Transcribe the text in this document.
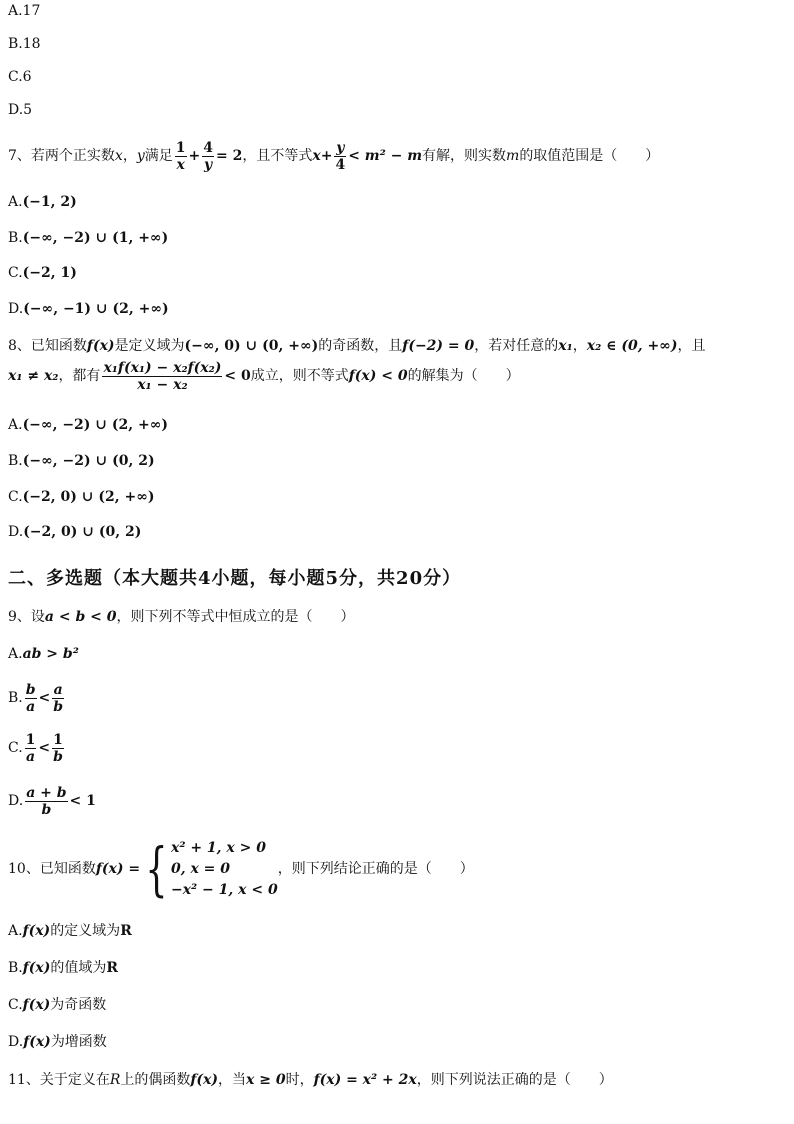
A.17
B.18
C.6
D.5
7、若两个正实数x，y满足 $\frac{1}{x} + \frac{4}{y} = 2$，且不等式$x+ \frac{y}{4} < m^2 - m$有解，则实数m的取值范围是（　　）
A.(−1, 2)
B.(−∞, −2) ∪ (1, +∞)
C.(−2, 1)
D.(−∞, −1) ∪ (2, +∞)
8、已知函数f(x)是定义域为(−∞, 0) ∪ (0, +∞)的奇函数，且f(−2) = 0，若对任意的x₁，x₂ ∈ (0, +∞)，且
x₁ ≠ x₂，都有 $\frac{\text{x₁f(x₁) − x₂f(x₂)}}{\text{x₁ − x₂}} < 0$成立，则不等式f(x) < 0的解集为（　　）
A.(−∞, −2) ∪ (2, +∞)
B.(−∞, −2) ∪ (0, 2)
C.(−2, 0) ∪ (2, +∞)
D.(−2, 0) ∪ (0, 2)
二、多选题（本大题共4小题，每小题5分，共20分）
9、设a < b < 0，则下列不等式中恒成立的是（　　）
A.ab > b²
B. $\frac{b}{a} < \frac{a}{b}$
C. $\frac{1}{a} < \frac{1}{b}$
D. $\frac{a + b}{b} < 1$
10、已知函数f(x) ={ x² + 1, x > 0
0, x = 0
−x² − 1, x < 0
，则下列结论正确的是（　　）
A.f(x)的定义域为R
B.f(x)的值域为R
C.f(x)为奇函数
D.f(x)为增函数
11、关于定义在R上的偶函数f(x)，当x ≥ 0时，f(x) = x² + 2x，则下列说法正确的是（　　）
